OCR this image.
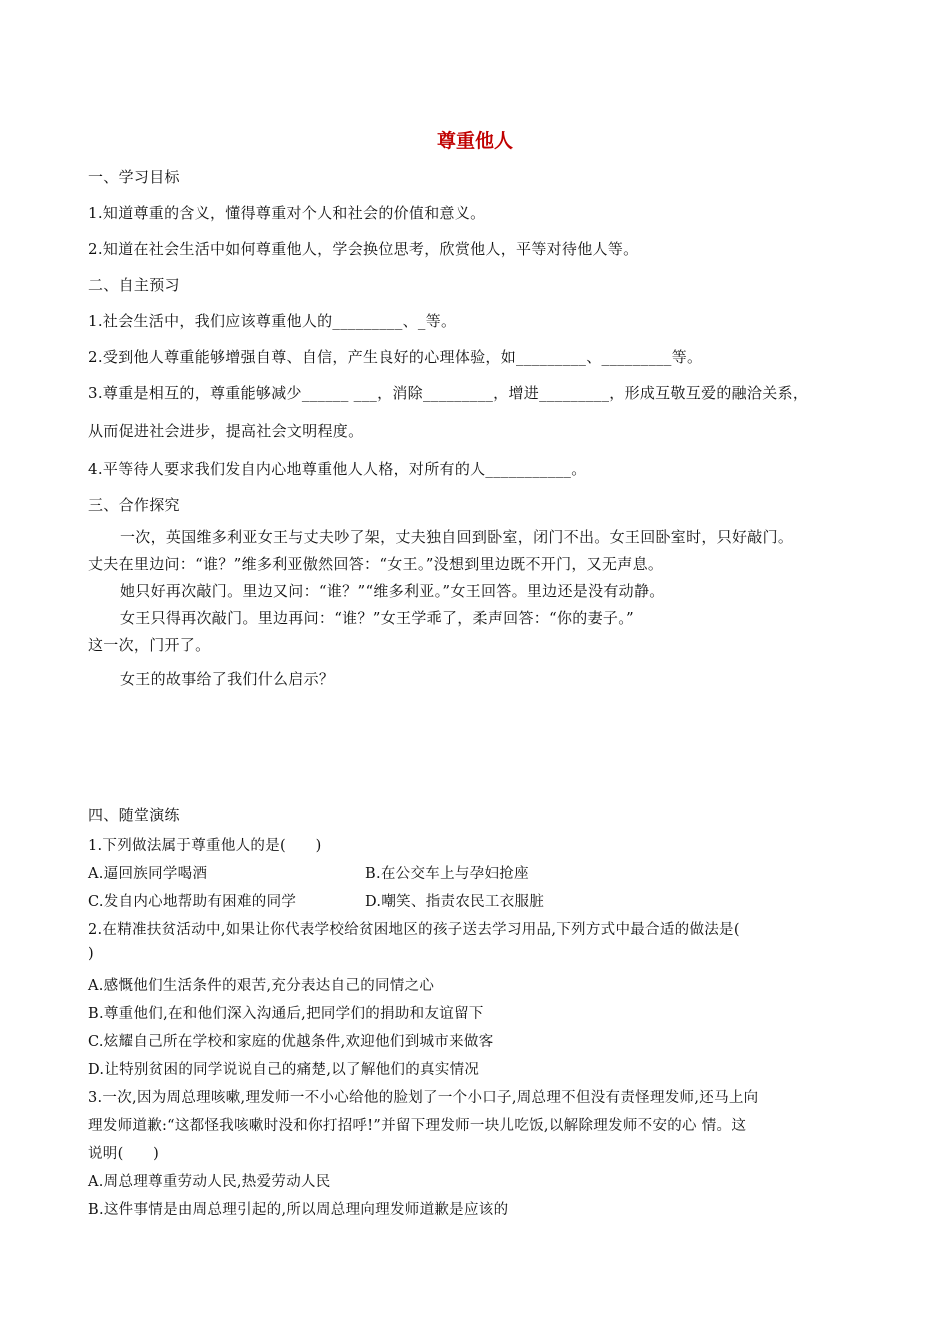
尊重他人
一、学习目标
1.知道尊重的含义，懂得尊重对个人和社会的价值和意义。
2.知道在社会生活中如何尊重他人，学会换位思考，欣赏他人，平等对待他人等。
二、自主预习
1.社会生活中，我们应该尊重他人的_________、_等。
2.受到他人尊重能够增强自尊、自信，产生良好的心理体验，如_________、_________等。
3.尊重是相互的，尊重能够减少______ ___，消除_________，增进_________，形成互敬互爱的融洽关系，
从而促进社会进步，提高社会文明程度。
4.平等待人要求我们发自内心地尊重他人人格，对所有的人___________。
三、合作探究
一次，英国维多利亚女王与丈夫吵了架，丈夫独自回到卧室，闭门不出。女王回卧室时，只好敲门。
丈夫在里边问：“谁？”维多利亚傲然回答：“女王。”没想到里边既不开门，又无声息。
她只好再次敲门。里边又问：“谁？”“维多利亚。”女王回答。里边还是没有动静。
女王只得再次敲门。里边再问：“谁？”女王学乖了，柔声回答：“你的妻子。”
这一次，门开了。
女王的故事给了我们什么启示？
四、随堂演练
1.下列做法属于尊重他人的是(　　)
A.逼回族同学喝酒	B.在公交车上与孕妇抢座
C.发自内心地帮助有困难的同学	D.嘲笑、指责农民工衣服脏
2.在精准扶贫活动中,如果让你代表学校给贫困地区的孩子送去学习用品,下列方式中最合适的做法是(
)
A.感慨他们生活条件的艰苦,充分表达自己的同情之心
B.尊重他们,在和他们深入沟通后,把同学们的捐助和友谊留下
C.炫耀自己所在学校和家庭的优越条件,欢迎他们到城市来做客
D.让特别贫困的同学说说自己的痛楚,以了解他们的真实情况
3.一次,因为周总理咳嗽,理发师一不小心给他的脸划了一个小口子,周总理不但没有责怪理发师,还马上向
理发师道歉:“这都怪我咳嗽时没和你打招呼!”并留下理发师一块儿吃饭,以解除理发师不安的心 情。这
说明(　　)
A.周总理尊重劳动人民,热爱劳动人民
B.这件事情是由周总理引起的,所以周总理向理发师道歉是应该的
